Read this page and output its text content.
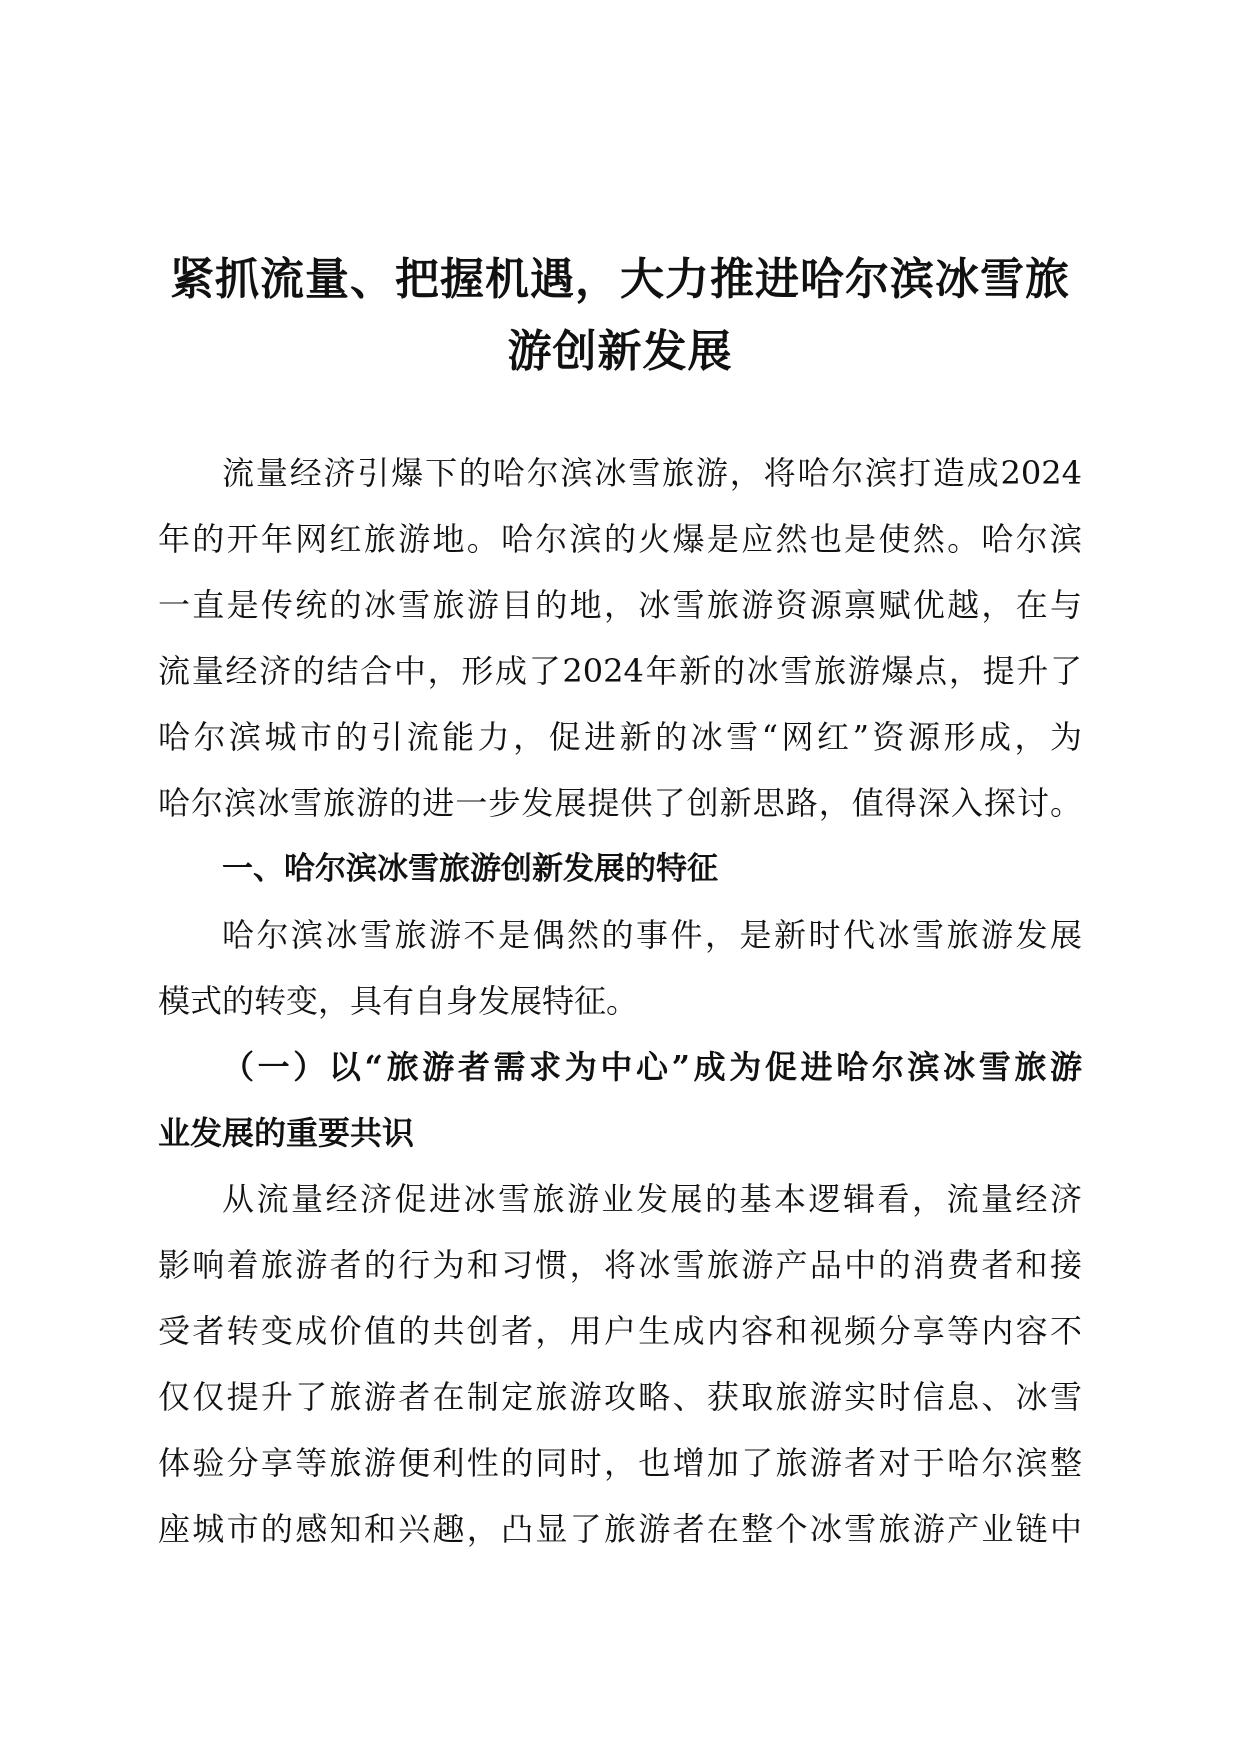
紧抓流量、把握机遇，大力推进哈尔滨冰雪旅
游创新发展

流量经济引爆下的哈尔滨冰雪旅游，将哈尔滨打造成2024
年的开年网红旅游地。哈尔滨的火爆是应然也是使然。哈尔滨
一直是传统的冰雪旅游目的地，冰雪旅游资源禀赋优越，在与
流量经济的结合中，形成了2024年新的冰雪旅游爆点，提升了
哈尔滨城市的引流能力，促进新的冰雪“网红”资源形成，为
哈尔滨冰雪旅游的进一步发展提供了创新思路，值得深入探讨。

一、哈尔滨冰雪旅游创新发展的特征

哈尔滨冰雪旅游不是偶然的事件，是新时代冰雪旅游发展
模式的转变，具有自身发展特征。

（一）以“旅游者需求为中心”成为促进哈尔滨冰雪旅游
业发展的重要共识

从流量经济促进冰雪旅游业发展的基本逻辑看，流量经济
影响着旅游者的行为和习惯，将冰雪旅游产品中的消费者和接
受者转变成价值的共创者，用户生成内容和视频分享等内容不
仅仅提升了旅游者在制定旅游攻略、获取旅游实时信息、冰雪
体验分享等旅游便利性的同时，也增加了旅游者对于哈尔滨整
座城市的感知和兴趣，凸显了旅游者在整个冰雪旅游产业链中
